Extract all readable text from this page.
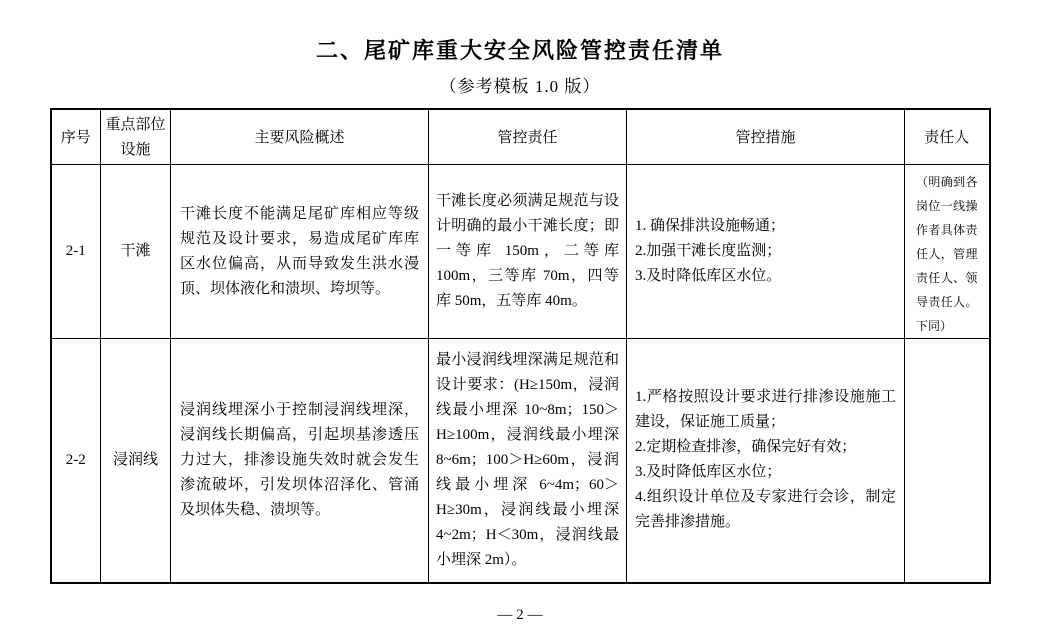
二、尾矿库重大安全风险管控责任清单
（参考模板 1.0 版）
序号	重点部位设施	主要风险概述	管控责任	管控措施	责任人
2-1	干滩	干滩长度不能满足尾矿库相应等级规范及设计要求，易造成尾矿库库区水位偏高，从而导致发生洪水漫顶、坝体液化和溃坝、垮坝等。	干滩长度必须满足规范与设计明确的最小干滩长度；即一等库 150m，二等库 100m，三等库 70m，四等库 50m，五等库 40m。	1. 确保排洪设施畅通；
2.加强干滩长度监测；
3.及时降低库区水位。	（明确到各岗位一线操作者具体责任人，管理责任人、领导责任人。下同）
2-2	浸润线	浸润线埋深小于控制浸润线埋深，浸润线长期偏高，引起坝基渗透压力过大，排渗设施失效时就会发生渗流破坏，引发坝体沼泽化、管涌及坝体失稳、溃坝等。	最小浸润线埋深满足规范和设计要求：(H≥150m，浸润线最小埋深 10~8m；150＞H≥100m，浸润线最小埋深 8~6m；100＞H≥60m，浸润线最小埋深 6~4m；60＞H≥30m，浸润线最小埋深 4~2m；H＜30m，浸润线最小埋深 2m）。	1.严格按照设计要求进行排渗设施施工建设，保证施工质量；
2.定期检查排渗，确保完好有效；
3.及时降低库区水位；
4.组织设计单位及专家进行会诊，制定完善排渗措施。	

— 2 —
